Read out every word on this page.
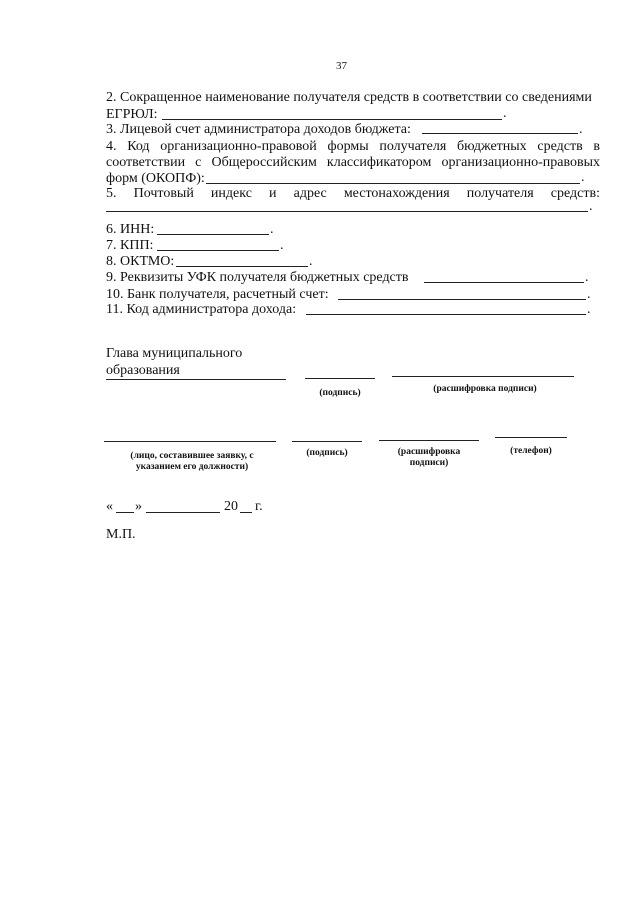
37
2. Сокращенное наименование получателя средств в соответствии со сведениями
ЕГРЮЛ:	.
3. Лицевой счет администратора доходов бюджета:	.
4. Код организационно-правовой формы получателя бюджетных средств в
соответствии с Общероссийским классификатором организационно-правовых
форм (ОКОПФ):	.
5. Почтовый индекс и адрес местонахождения получателя средств:
.
6. ИНН:	.
7. КПП:	.
8. ОКТМО:	.
9. Реквизиты УФК получателя бюджетных средств	.
10. Банк получателя, расчетный счет:	.
11. Код администратора дохода:	.
Глава муниципального
образования
(подпись)	(расшифровка подписи)
(лицо, составившее заявку, с
указанием его должности)
(подпись)	(расшифровка
подписи)
(телефон)
« »	20 г.
М.П.
